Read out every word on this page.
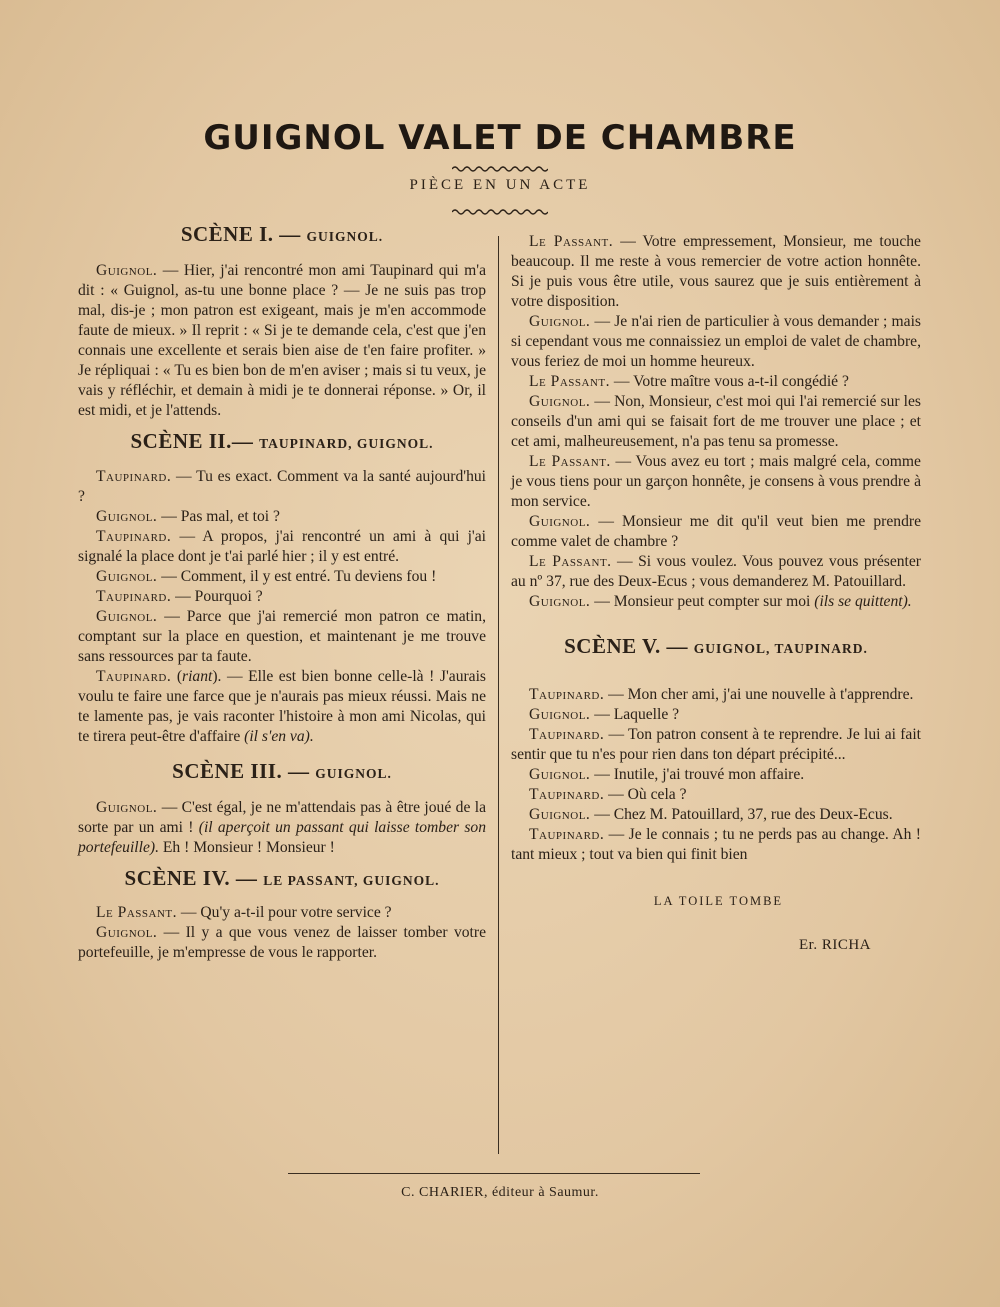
GUIGNOL VALET DE CHAMBRE
PIÈCE EN UN ACTE
SCÈNE I. — GUIGNOL.

Guignol. — Hier, j'ai rencontré mon ami Taupinard qui m'a dit : « Guignol, as-tu une bonne place ? — Je ne suis pas trop mal, dis-je ; mon patron est exigeant, mais je m'en accommode faute de mieux. » Il reprit : « Si je te demande cela, c'est que j'en connais une excellente et serais bien aise de t'en faire profiter. » Je répliquai : « Tu es bien bon de m'en aviser ; mais si tu veux, je vais y réfléchir, et demain à midi je te donnerai réponse. » Or, il est midi, et je l'attends.

SCÈNE II.— TAUPINARD, GUIGNOL.

Taupinard. — Tu es exact. Comment va la santé aujourd'hui ?

Guignol. — Pas mal, et toi ?

Taupinard. — A propos, j'ai rencontré un ami à qui j'ai signalé la place dont je t'ai parlé hier ; il y est entré.

Guignol. — Comment, il y est entré. Tu deviens fou !

Taupinard. — Pourquoi ?

Guignol. — Parce que j'ai remercié mon patron ce matin, comptant sur la place en question, et maintenant je me trouve sans ressources par ta faute.

Taupinard. (riant). — Elle est bien bonne celle-là ! J'aurais voulu te faire une farce que je n'aurais pas mieux réussi. Mais ne te lamente pas, je vais raconter l'histoire à mon ami Nicolas, qui te tirera peut-être d'affaire (il s'en va).

SCÈNE III. — GUIGNOL.

Guignol. — C'est égal, je ne m'attendais pas à être joué de la sorte par un ami ! (il aperçoit un passant qui laisse tomber son portefeuille). Eh ! Monsieur ! Monsieur !

SCÈNE IV. — LE PASSANT, GUIGNOL.

Le Passant. — Qu'y a-t-il pour votre service ?

Guignol. — Il y a que vous venez de laisser tomber votre portefeuille, je m'empresse de vous le rapporter.

Le Passant. — Votre empressement, Monsieur, me touche beaucoup. Il me reste à vous remercier de votre action honnête. Si je puis vous être utile, vous saurez que je suis entièrement à votre disposition.

Guignol. — Je n'ai rien de particulier à vous demander ; mais si cependant vous me connaissiez un emploi de valet de chambre, vous feriez de moi un homme heureux.

Le Passant. — Votre maître vous a-t-il congédié ?

Guignol. — Non, Monsieur, c'est moi qui l'ai remercié sur les conseils d'un ami qui se faisait fort de me trouver une place ; et cet ami, malheureusement, n'a pas tenu sa promesse.

Le Passant. — Vous avez eu tort ; mais malgré cela, comme je vous tiens pour un garçon honnête, je consens à vous prendre à mon service.

Guignol. — Monsieur me dit qu'il veut bien me prendre comme valet de chambre ?

Le Passant. — Si vous voulez. Vous pouvez vous présenter au nº 37, rue des Deux-Ecus ; vous demanderez M. Patouillard.

Guignol. — Monsieur peut compter sur moi (ils se quittent).

SCÈNE V. — GUIGNOL, TAUPINARD.

Taupinard. — Mon cher ami, j'ai une nouvelle à t'apprendre.

Guignol. — Laquelle ?

Taupinard. — Ton patron consent à te reprendre. Je lui ai fait sentir que tu n'es pour rien dans ton départ précipité...

Guignol. — Inutile, j'ai trouvé mon affaire.

Taupinard. — Où cela ?

Guignol. — Chez M. Patouillard, 37, rue des Deux-Ecus.

Taupinard. — Je le connais ; tu ne perds pas au change. Ah ! tant mieux ; tout va bien qui finit bien

LA TOILE TOMBE
Er. RICHA
C. CHARIER, éditeur à Saumur.
